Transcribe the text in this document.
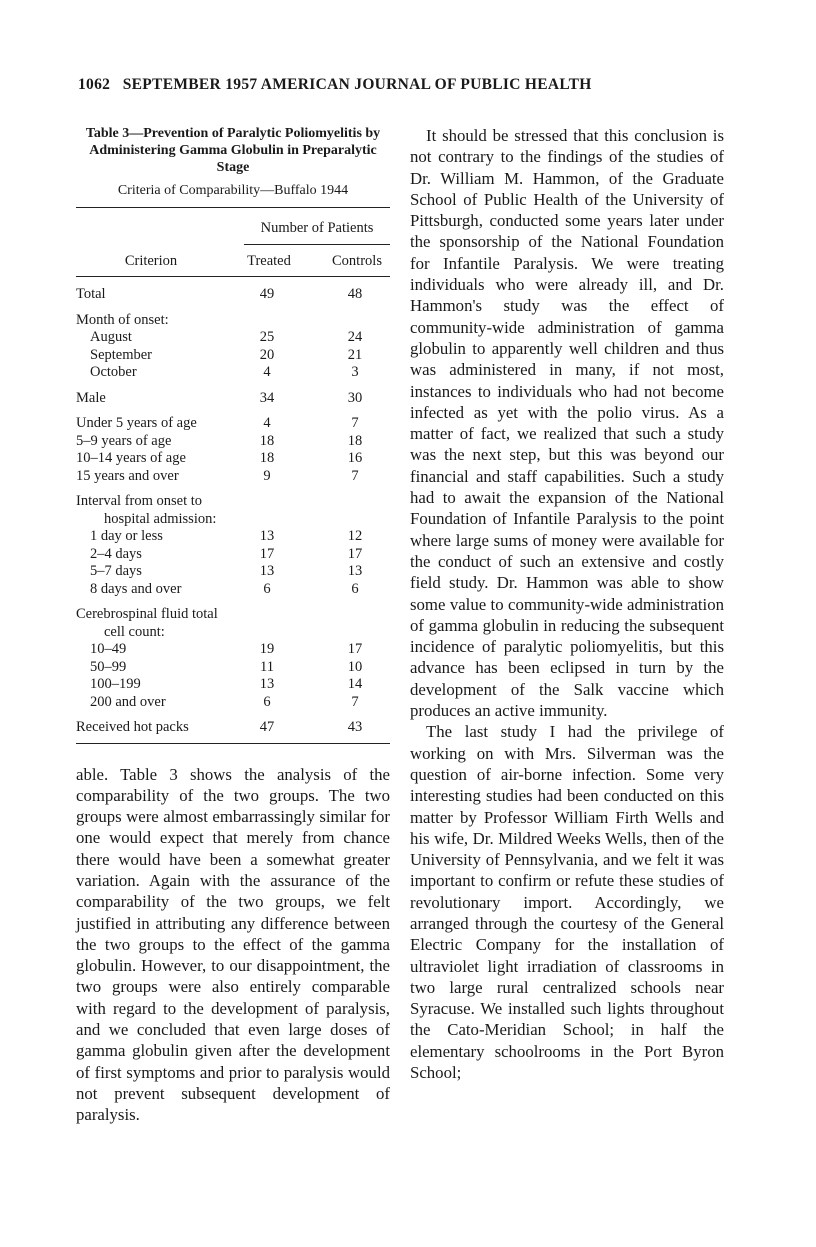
1062 SEPTEMBER 1957 AMERICAN JOURNAL OF PUBLIC HEALTH
Table 3—Prevention of Paralytic Poliomyelitis by Administering Gamma Globulin in Preparalytic Stage
Criteria of Comparability—Buffalo 1944
Number of Patients
Criterion	Treated	Controls
Total	49	48
Month of onset:
August	25	24
September	20	21
October	4	3
Male	34	30
Under 5 years of age	4	7
5–9 years of age	18	18
10–14 years of age	18	16
15 years and over	9	7
Interval from onset to
hospital admission:
1 day or less	13	12
2–4 days	17	17
5–7 days	13	13
8 days and over	6	6
Cerebrospinal fluid total
cell count:
10–49	19	17
50–99	11	10
100–199	13	14
200 and over	6	7
Received hot packs	47	43

able. Table 3 shows the analysis of the comparability of the two groups. The two groups were almost embarrassingly similar for one would expect that merely from chance there would have been a somewhat greater variation. Again with the assurance of the comparability of the two groups, we felt justified in attributing any difference between the two groups to the effect of the gamma globulin. However, to our disappointment, the two groups were also entirely comparable with regard to the development of paralysis, and we concluded that even large doses of gamma globulin given after the development of first symptoms and prior to paralysis would not prevent subsequent development of paralysis.

It should be stressed that this conclusion is not contrary to the findings of the studies of Dr. William M. Hammon, of the Graduate School of Public Health of the University of Pittsburgh, conducted some years later under the sponsorship of the National Foundation for Infantile Paralysis. We were treating individuals who were already ill, and Dr. Hammon's study was the effect of community-wide administration of gamma globulin to apparently well children and thus was administered in many, if not most, instances to individuals who had not become infected as yet with the polio virus. As a matter of fact, we realized that such a study was the next step, but this was beyond our financial and staff capabilities. Such a study had to await the expansion of the National Foundation of Infantile Paralysis to the point where large sums of money were available for the conduct of such an extensive and costly field study. Dr. Hammon was able to show some value to community-wide administration of gamma globulin in reducing the subsequent incidence of paralytic poliomyelitis, but this advance has been eclipsed in turn by the development of the Salk vaccine which produces an active immunity.

The last study I had the privilege of working on with Mrs. Silverman was the question of air-borne infection. Some very interesting studies had been conducted on this matter by Professor William Firth Wells and his wife, Dr. Mildred Weeks Wells, then of the University of Pennsylvania, and we felt it was important to confirm or refute these studies of revolutionary import. Accordingly, we arranged through the courtesy of the General Electric Company for the installation of ultraviolet light irradiation of classrooms in two large rural centralized schools near Syracuse. We installed such lights throughout the Cato-Meridian School; in half the elementary schoolrooms in the Port Byron School;
